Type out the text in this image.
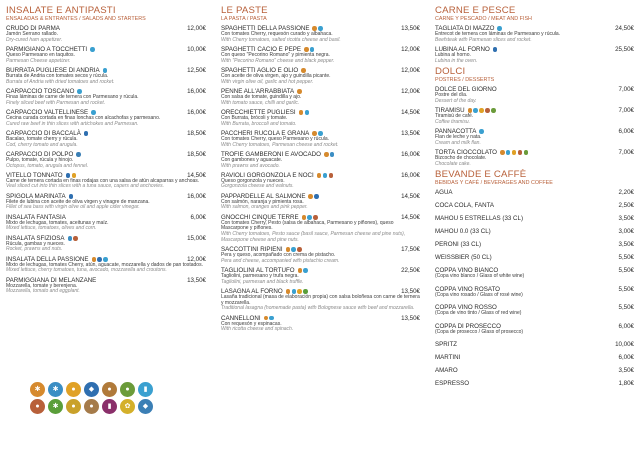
INSALATE E ANTIPASTI
ENSALADAS & ENTRANTES / SALADS AND STARTERS
CRUDO DI PARMA	12,00€
Jamón Serrano rallado.
Dry-cured ham appetizer.
PARMIGIANO A TOCCHETTI	10,00€
Queso Parmesano en taquitos.
Parmesan Cheese appetizer.
BURRATA PUGLIESE DI ANDRIA	12,50€
Burrata de Andria con tomates secos y rúcula.
Burrata of Andria with dried tomatoes and rocket.
CARPACCIO TOSCANO	16,00€
Finas láminas de carne de ternera con Parmesano y rúcula.
Finely sliced beef with Parmesan and rocket.
CARPACCIO VALTELLINESE	16,00€
Cecina curada cortada en finas lonchas con alcachofas y parmesano.
Cured raw beef in thin slices with artichokes and Parmesan.
CARPACCIO DI BACCALÀ	18,50€
Bacalao, tomate cherry y rúcula.
Cod, cherry tomato and arugula.
CARPACCIO DI POLPO	18,50€
Pulpo, tomate, rúcula y hinojo.
Octopus, tomato, arugula and fennel.
VITELLO TONNATO	14,50€
Carne de ternera cortada en finas rodajas con una salsa de atún alcaparras y anchoas.
Veal sliced cut into thin slices with a tuna sauce, capers and anchovies.
SPIGOLA MARINATA	16,00€
Filete de lubina con aceite de oliva virgen y vinagre de manzana.
Fillet of sea bass with virgin olive oil and apple cider vinegar.
INSALATA FANTASIA	6,00€
Mixto de lechugas, tomates, aceitunas y maíz.
Mixed lettuce, tomatoes, olives and corn.
INSALATA SFIZIOSA	15,00€
Rúcula, gambas y nueces.
Rocket, prawns and nuts.
INSALATA DELLA PASSIONE	12,00€
Mixto de lechugas, tomates Cherry, atún, aguacate, mozzarella y dados de pan tostados.
Mixed lettuce, cherry tomatoes, tuna, avocado, mozzarella and croutons.
PARMIGGIANA DI MELANZANE	13,50€
Mozzarella, tomate y berenjena.
Mozzarella, tomato and eggplant.
LE PASTE
LA PASTA / PASTA
SPAGHETTI DELLA PASSIONE	13,50€
Con tomates Cherry, requesón curado y albahaca.
With Cherry tomatoes, salted ricotta cheese and basil.
SPAGHETTI CACIO E PEPE	12,00€
Con queso "Pecorino Romano" y pimienta negra.
With "Pecorino Romano" cheese and black pepper.
SPAGHETTI AGLIO E OLIO	12,00€
Con aceite de oliva virgen, ajo y guindilla picante.
With virgin olive oil, garlic and hot pepper.
PENNE ALL'ARRABBIATA	12,00€
Con salsa de tomate, guindilla y ajo.
With tomato sauce, chilli and garlic.
ORECCHIETTE PUGLIESI	14,50€
Con Burrata, brócoli y tomate.
With Burrata, broccoli and tomato.
PACCHERI RUCOLA E GRANA	13,50€
Con tomates Cherry, queso Parmesano y rúcula.
With Cherry tomatoes, Parmesan cheese and rocket.
TROFIE GAMBERONI E AVOCADO	16,00€
Con gambones y aguacate.
With prawns and avocado.
RAVIOLI GORGONZOLA E NOCI	16,00€
Queso gorgonzola y nueces.
Gorgonzola cheese and walnuts.
PAPPARDELLE AL SALMONE	14,50€
Con salmón, naranja y pimienta rosa.
With salmon, oranges and pink pepper.
GNOCCHI CINQUE TERRE	14,50€
Con tomates Cherry, Pesto (salsa de albahaca, Parmesano y piñones), queso Mascarpone y piñones.
With Cherry tomatoes, Pesto sauce (basil sauce, Parmesan cheese and pine nuts), Mascarpone cheese and pine nuts.
SACCOTTINI RIPIENI	17,50€
Pera y queso, acompañado con crema de pistacho.
Pera and cheese, accompanied with pistachio cream.
TAGLIOLINI AL TORTUFO	22,50€
Tagliolini, parmesano y trufa negra.
Tagliolini, parmesan and black truffle.
LASAGNA AL FORNO	13,50€
Lasaña tradicional (masa de elaboración propia) con salsa boloñesa con carne de ternera y mozzarella.
Traditional lasagna (homemade pasta) with Bolognese sauce with beef and mozzarella.
CANNELLONI	13,50€
Con requesón y espinacas.
With ricotta cheese and spinach.
CARNE E PESCE
CARNE Y PESCADO / MEAT AND FISH
TAGLIATA DI MAZZO	24,50€
Entrecot de ternera con láminas de Parmesano y rúcula.
Beefsteak with Parmesan slices and rocket.
LUBINA AL FORNO	25,50€
Lubina al horno.
Lubina in the oven.
DOLCI
POSTRES / DESSERTS
DOLCE DEL GIORNO	7,00€
Postre del día.
Dessert of the day.
TIRAMISU	7,00€
Tiramisú de café.
Coffee tiramisu.
PANNACOTTA	6,00€
Flan de leche y nata.
Cream and milk flan.
TORTA CIOCCOLATO	7,00€
Bizcocho de chocolate.
Chocolate cake.
BEVANDE E CAFFÈ
BEBIDAS Y CAFÉ / BEVERAGES AND COFFEE
AGUA	2,20€
COCA COLA, FANTA	2,50€
MAHOU 5 ESTRELLAS (33 CL)	3,50€
MAHOU 0.0 (33 CL)	3,00€
PERONI (33 CL)	3,50€
WEISSBIER (50 CL)	5,50€
COPPA VINO BIANCO	5,50€
(Copa vino blanco / Glass of white wine)
COPPA VINO ROSATO	5,50€
(Copa vino rosado / Glass of rosé wine)
COPPA VINO ROSSO	5,50€
(Copa de vino tinto / Glass of red wine)
COPPA DI PROSECCO	6,00€
(Copa de prosecco / Glass of prosecco)
SPRITZ	10,00€
MARTINI	6,00€
AMARO	3,50€
ESPRESSO	1,80€
✱ ✱ ● ◆ ● ● ▮
● ✱ ● ● ▮ ✿ ◆
